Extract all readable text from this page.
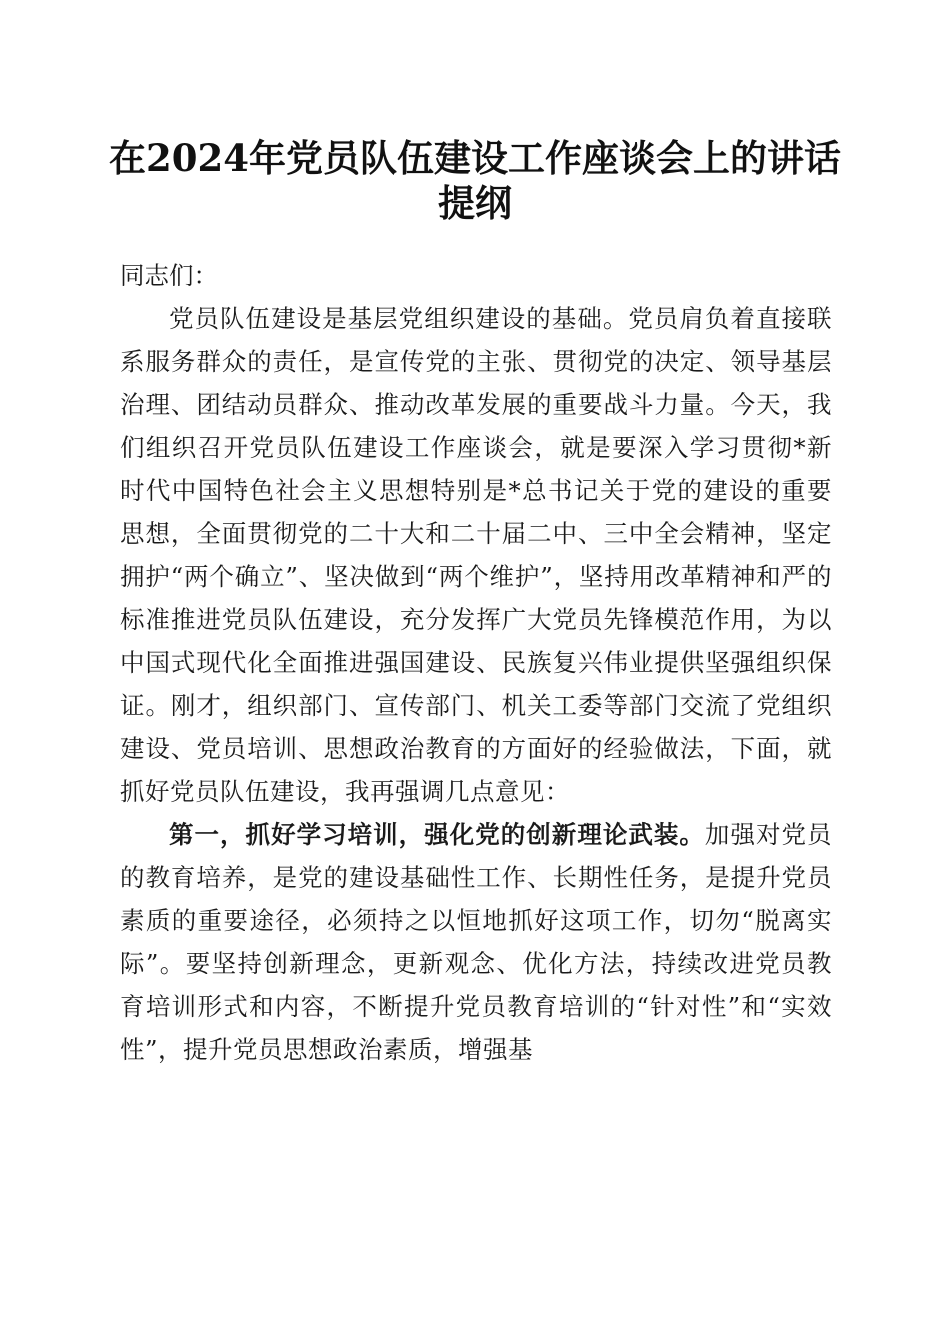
在2024年党员队伍建设工作座谈会上的讲话
提纲

同志们：

党员队伍建设是基层党组织建设的基础。党员肩负着直接联系服务群众的责任，是宣传党的主张、贯彻党的决定、领导基层治理、团结动员群众、推动改革发展的重要战斗力量。今天，我们组织召开党员队伍建设工作座谈会，就是要深入学习贯彻*新时代中国特色社会主义思想特别是*总书记关于党的建设的重要思想，全面贯彻党的二十大和二十届二中、三中全会精神，坚定拥护“两个确立”、坚决做到“两个维护”，坚持用改革精神和严的标准推进党员队伍建设，充分发挥广大党员先锋模范作用，为以中国式现代化全面推进强国建设、民族复兴伟业提供坚强组织保证。刚才，组织部门、宣传部门、机关工委等部门交流了党组织建设、党员培训、思想政治教育的方面好的经验做法，下面，就抓好党员队伍建设，我再强调几点意见：

第一，抓好学习培训，强化党的创新理论武装。加强对党员的教育培养，是党的建设基础性工作、长期性任务，是提升党员素质的重要途径，必须持之以恒地抓好这项工作，切勿“脱离实际”。要坚持创新理念，更新观念、优化方法，持续改进党员教育培训形式和内容，不断提升党员教育培训的“针对性”和“实效性”，提升党员思想政治素质，增强基
